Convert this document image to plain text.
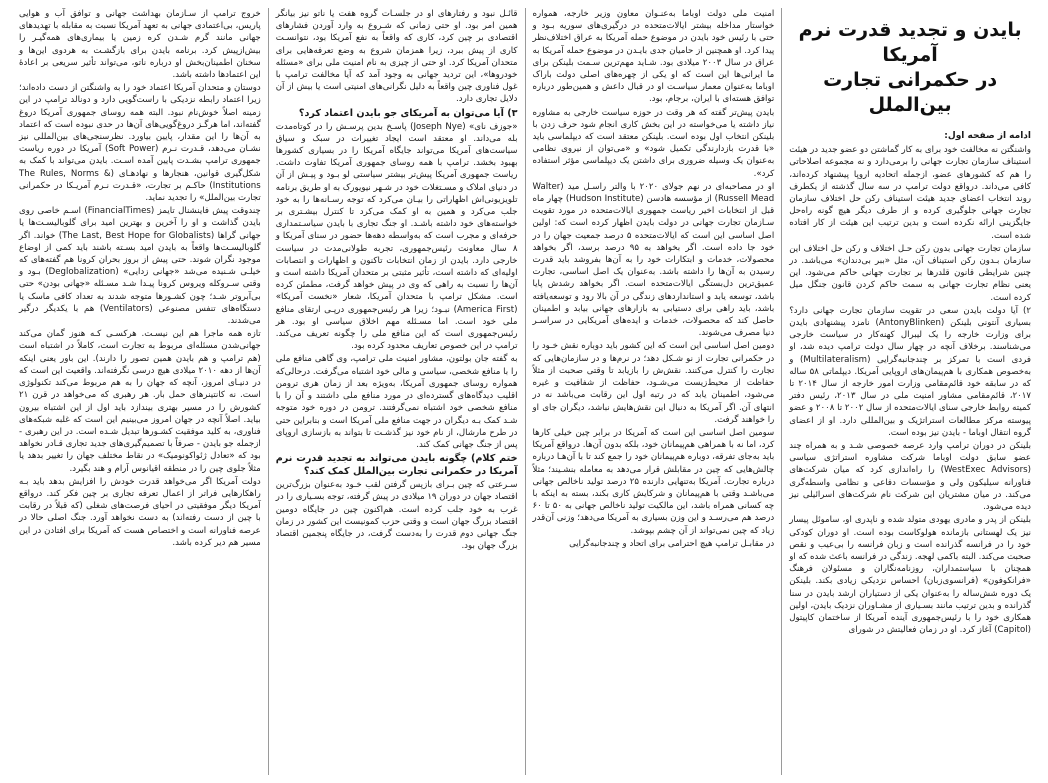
بایدن و تجدید قدرت نرم آمریکا
در حکمرانی تجارت بین‌الملل
ادامه از صفحه اول:

واشنگتن نه مخالفت خود برای به کار گماشتن دو عضو جدید در هیئت استیناف سازمان تجارت جهانی را برمی‌دارد و نه مجموعه اصلاحاتی را هم که کشورهای عضو، ازجمله اتحادیه اروپا پیشنهاد کرده‌اند، کافی می‌داند. درواقع دولت ترامپ در سه سال گذشته از یکطرف روند انتخاب اعضای جدید هیئت استیناف رکن حل اختلاف سازمان تجارت جهانی جلوگیری کرده و از طرف دیگر هیچ گونه راه‌حل جایگزینی ارائه نکرده است و بدین ترتیب این هیئت از کار افتاده شده است.

سازمان تجارت جهانی بدون رکن حـل اختلاف و رکن حل اختلاف این سازمان بـدون رکن استیناف آن، مثل «ببر بی‌دندان» می‌باشد. در چنین شرایطی قانون قلدرها بر تجارت جهانی حاکم می‌شود. این یعنی نظام تجارت جهانی به سمت حاکم کردن قانون جنگل میل کرده است.

۲) آیا دولت بایدن سعی در تقویت سازمان تجارت جهانی دارد؟ بسیاری آنتونی بلینکن (AntonyBlinken) نامزد پیشنهادی بایدن برای وزارت خارجه را یک لیبرال کهنه‌کار در سیاست خارجی می‌شناسند. برخلاف آنچه در چهار سال دولت ترامپ دیده شد، او فردی است با تمرکز بر چندجانبه‌گرایی (Multilateralism) و به‌خصوص همکاری با هم‌پیمان‌های اروپایی آمریکا. دیپلماتی ۵۸ ساله که در سابقه خود قائم‌مقامی وزارت امور خارجه از سال ۲۰۱۴ تا ۲۰۱۷، قائم‌مقامی مشاور امنیت ملی در سال ۲۰۱۳، رئیس دفتر کمیته روابط خارجی سنای ایالات‌متحده از سال ۲۰۰۲ تا ۲۰۰۸ و عضو پیوسته مرکز مطالعات استراتژیک و بین‌المللی دارد. او از اعضای گروه انتقال اوباما - بایدن نیز بوده است.

بلینکن در دوران ترامپ وارد عرصه خصوصی شـد و به همراه چند عضو سابق دولت اوباما شرکت مشاوره استراتژی سیاسی (WestExec Advisors) را راه‌اندازی کرد که میان شرکت‌های فناورانه سیلیکون ولی و مؤسسات دفاعی و نظامی واسطه‌گری می‌کند. در میان مشتریان این شرکت نام شرکت‌های اسرائیلی نیز دیده می‌شود.

بلینکن از پدر و مادری یهودی متولد شده و ناپدری او، ساموئل پیسار نیز یک لهستانی بازمانده هولوکاست بوده است. او دوران کودکی خود را در فرانسه گذرانده است و زبان فرانسه را بی‌عیب و نقص صحبت می‌کند. البته باکمی لهجه. زندگی در فرانسه باعث شده که او همچنان با سیاستمداران، روزنامه‌نگاران و مسئولان فرهنگ «فرانکوفون» (فرانسوی‌زبان) احساس نزدیکی زیادی بکند. بلینکن یک دوره شش‌ساله را به‌عنوان یکی از دستیاران ارشد بایدن در سنا گذرانده و بدین ترتیب مانند بسـیاری از مشـاوران نزدیک بایدن، اولین همکاری خود را با رئیس‌جمهوری آینده آمریکا از ساختمان کاپیتول (Capitol) آغاز کرد. او در زمان فعالیتش در شورای

امنیت ملی دولت اوباما به‌عنـوان معاون وزیر خارجه، همواره خواستار مداخله بیشتر ایالات‌متحده در درگیری‌های سوریه بـود و حتی با رئیس خود بایدن در موضوع حمله آمریکا به عراق اختلاف‌نظر پیدا کرد. او همچنین از حامیان جدی بایـدن در موضوع حمله آمریکا به عراق در سال ۲۰۰۳ میلادی بود. شـاید مهم‌ترین سـمت بلینکن برای ما ایرانی‌ها این است که او یکی از چهره‌های اصلی دولت باراک اوباما به‌عنوان معمار سیاسـت او در قبال داعش و همین‌طور درباره توافق هسته‌ای با ایران، برجام، بود.

بایدن پیش‌تر گفته که هر وقت در حوزه سیاست خارجی به مشاوره نیاز داشته یا می‌خواسته در این بخش کاری انجام شود حرف زدن با بلینکن انتخاب اول بوده است. بلینکن معتقد است که دیپلماسی باید «با قدرت بازدارندگی تکمیل شود» و «می‌توان از نیروی نظامی به‌عنوان یک وسیله ضروری برای داشتن یک دیپلماسی مؤثر استفاده کرد».

او در مصاحبه‌ای در نهم جولای ۲۰۲۰ با والتر راسـل مید (Walter Russell Mead) از مؤسسه هادسن (Hudson Institute) چهار ماه قبل از انتخابات اخیر ریاست جمهوری ایالات‌متحده در مورد تقویت سـازمان تجارت جهانی در دولت بایدن اظهار کرده است که: اولین اصل اساسی این است که ایالات‌متحده ۵ درصد جمعیت جهان را در خود جا داده است. اگر بخواهد به ۹۵ درصد برسد، اگر بخواهد محصولات، خدمات و ابتکارات خود را به آن‌ها بفروشد باید قدرت رسیدن به آن‌ها را داشته باشد. به‌عنوان یک اصل اساسی، تجارت عمیق‌ترین دل‌بستگی ایالات‌متحده است. اگر بخواهد رشدش پایا باشد، توسعه یابد و استانداردهای زندگی در آن بالا رود و توسعه‌یافته باشد، باید راهی برای دستیابی به بازارهای جهانی بیابد و اطمینان حاصل کند که محصولات، خدمات و ایده‌های آمریکایی در سراسـر دنیا مصرف می‌شوند.

دومین اصل اساسی این است که این کشور باید دوباره نقش خـود را در حکمرانی تجارت از نو شـکل دهد؛ در نرم‌ها و در سازمان‌هایی که تجارت را کنترل می‌کنند. نقش‌ش را بازیابد تا وقتی صحبت از مثلاً حفاظت از محیط‌زیست می‌شـود، حفاظت از شفافیت و غیره می‌شود، اطمینان یابد که در رتبه اول این رقابت می‌باشد نه در انتهای آن. اگر آمریکا به دنبال این نقش‌هایش نباشد، دیگران جای او را خواهند گرفت.

سومین اصل اساسی این است که آمریکا در برابر چین خیلی کارها کرد، اما نه با همراهی هم‌پیمانان خود، بلکه بدون آن‌ها. درواقع آمریکا باید به‌جای تفرقه، دوباره هم‌پیمانان خود را جمع کند تا با آن‌هـا درباره چالش‌هایی که چین در مقابلش قرار می‌دهد به معامله بنشـیند؛ مثلاً درباره تجارت. آمریکا به‌تنهایی دارنده ۲۵ درصد تولید ناخالص جهانی می‌باشـد وقتی با هم‌پیمانان و شرکایش کاری بکند، بسته به اینکه با چه کسانی همراه باشد، این مالکیت تولید ناخالص جهانی به ۵۰ تا ۶۰ درصد هم می‌رسـد و این وزن بسیاری به آمریکا می‌دهد؛ وزنی آن‌قدر زیاد که چین نمی‌تواند از آن چشم بپوشد.

در مقابـل ترامپ هیچ احترامی برای اتحاد و چندجانبه‌گرایی

قائـل نبود و رفتارهای او در جلسـات گروه هفت یا ناتو نیز بیانگر همین امر بود. او حتی زمانی که شـروع به وارد آوردن فشارهای اقتصادی بر چین کرد، کاری که واقعاً به نفع آمریکا بود، نتوانسـت کاری از پیش ببرد، زیرا همزمان شروع به وضع تعرفه‌هایی برای متحدان آمریکا کرد. او حتی از چیزی به نام امنیت ملی برای «مسئله خودرو‌ها»، این تردید جهانی به وجود آمد که آیا مخالفت ترامپ با غول فناوری چین واقعاً به دلیل نگرانی‌های امنیتی است یا بیش از آن دلایل تجاری دارد.

۳) آیا می‌توان به آمریکای جو بایدن اعتماد کرد؟

«جوزف نای» (Joseph Nye) پاسـخ بدین پرسـش را در کوتاه‌مدت بله می‌داند. او معتقد است ایجاد تغییرات در سبک و سیاق سیاست‌های آمریکا می‌تواند جایگاه آمریکا را در بسیاری کشورها بهبود بخشد. ترامپ با همه روسای جمهوری آمریکا تفاوت داشت. ریاست جمهوری آمریکا پیش‌تر بیشتر سیاستی لو بـود و پیـش از آن در دنیای املاک و مسـتغلات خود در شـهر نیویورک به او طریق برنامه تلویزیونی‌اش اظهاراتی را بیـان می‌کرد که توجه رسـانه‌ها را به خود جلب می‌کرد و همین به او کمک می‌کرد تا کنترل بیشـتری بر خواسته‌های خود داشته باشـد. او جنگ تجاری با بایدن سیاسـتمداری حرفه‌ای و مجرب است که به‌واسطه دهه‌ها حضور در سنای آمریکا و ۸ سال معاونت رئیس‌جمهوری، تجربه طولانی‌مدت در سیاست خارجی دارد. بایدن از زمان انتخابات تاکنون و اظهارات و انتصابات اولیه‌ای که داشته است، تأثیر مثبتی بر متحدان آمریکا داشته است و آن‌ها را نسبت به راهی که وی در پیش خواهد گرفت، مطمئن کرده است. مشکل ترامپ با متحدان آمریکا، شعار «نخست آمریکا» (America First) نبـود؛ زیرا هر رئیس‌جمهوری درپـی ارتقای منافع ملی خود است. اما مسـئله مهم اخلاق سیاسی او بود. هر رئیس‌جمهوری است که این منافع ملی را چگونه تعریف می‌کند. ترامپ در این خصوص تعاریف محدود کرده بود.

به گفته جان بولتون، مشاور امنیت ملی ترامپ، وی گاهی منافع ملی را با منافع شخصی، سیاسی و مالی خود اشتباه می‌گرفت. درحالی‌که همواره روسای جمهوری آمریکا، به‌ویژه بعد از زمان هری ترومن اقلیب دیدگاه‌های گسترده‌ای در مورد منافع ملی داشتند و آن را با منافع شخصی خود اشتباه نمی‌گرفتند. ترومن در دوره خود متوجه شـد کمک بـه دیگران در جهت منافع ملی آمریکا است و بنابراین حتی در طرح مارشال، از نام خود نیز گذشـت تا بتواند به بازسازی اروپای پس از جنگ جهانی کمک کند.

ختم کلام) چگونه بایدن می‌تواند به تجدید قدرت نرم آمریکا در حکمرانی تجارت بین‌الملل کمک کند؟

سـرعتی که چین بـرای بازپس گرفتن لقب خـود به‌عنوان بزرگ‌ترین اقتصاد جهان در دوران ۱۹ میلادی در پیش گرفته، توجه بسـیاری را در غرب به خود جلب کرده است. هم‌اکنون چین در جایگاه دومین اقتصاد بزرگ جهان است و وقتی حزب کمونیست این کشور در زمان جنگ جهانی دوم قدرت را به‌دست گرفت، در جایگاه پنجمین اقتصاد بزرگ جهان بود.

خروج ترامپ از سـازمان بهداشت جهانی و توافق آب و هوایی پاریس، بی‌اعتمادی جهانی به تعهد آمریکا نسبت به مقابله با تهدیدهای جهانی مانند گرم شـدن کره زمین یا بیماری‌های همه‌گیـر را بیش‌ازپیش کرد. برنامه بایدن برای بازگشـت به هردوی این‌ها و سخنان اطمینان‌بخش او درباره ناتو، می‌تواند تأثیر سریعی بر اعادهٔ این اعتمادها داشته باشد.

دوستان و متحدان آمریکا اعتماد خود را به واشنگتن از دست داده‌اند؛ زیرا اعتماد رابطه نزدیکی با راست‌گویی دارد و دونالد ترامپ در این زمینه اصلاً خوش‌نام نبود. البته همه روسای جمهوری آمریکا دروغ گفته‌اند، اما هرگـز دروغ‌گویی‌های آن‌ها در حدی نبوده است که اعتماد به آن‌ها را این مقدار، پایین بیاورد. نظرسنجی‌های بین‌المللی نیز نشـان می‌دهد، قـدرت نـرم (Soft Power) آمریکا در دوره ریاست جمهوری ترامپ بشـدت پایین آمده اسـت. بایدن می‌تواند با کمک به شکل‌گیری قوانین، هنجارها و نهادهـای (The Rules, Norms & Institutions) حاکـم بر تجارت، «قـدرت نـرم آمریـکا در حکمرانی تجارت بین‌الملل» را تجدید نماید.

چندوقت پیش فاینشنال تایمز (FinancialTimes) اسـم خاصی روی بایدن گذاشت و او را آخرین و بهترین امید برای گلوبالیسـت‌ها یا جهانی گراها (The Last, Best Hope for Globalists) خواند. اگر گلوبالیسـت‌ها واقعاً به بایدن امید بسـته باشند باید کمی از اوضاع موجود نگران شوند. حتی پیش از بروز بحران کرونا هم گفته‌های که خیلـی شـنیده می‌شد «جهانی زدایی» (Deglobalization) بـود و وقتی سـرو‌کله ویروس کرونا پیـدا شـد مسـئله «جهانی بودن» حتی بی‌آبروتر شـد؛ چون کشـورها متوجه شدند به تعداد کافی ماسک یا دستگاه‌های تنفس مصنوعی (Ventilators) هم با یکدیگر درگیر می‌شدند.

تازه همه ماجرا هم این نیسـت. هرکسـی کـه هنوز گمان می‌کند جهانی‌شدن مسئله‌ای مربوط به تجارت است، کاملاً در اشتباه است (هم ترامپ و هم بایدن همین تصور را دارند). این باور یعنی اینکه آن‌ها از دهه ۲۰۱۰ میلادی هیچ درسی نگرفته‌اند. واقعیت این است که در دنیـای امروز، آنچه که جهان را به هم مربوط می‌کند تکنولوژی است. نه کانتینرهای حمل بار. هر رهبری که می‌خواهد در قرن ۲۱ کشورش را در مسیر بهتری بیندازد باید اول از این اشتباه بیرون بیاید. اصلاً آنچه در جهان امروز می‌بینیم این است که غلبه شبکه‌های فناوری، به کلید موفقیت کشـورها تبدیل شـده است. در این رهبری - ازجمله جو بایدن - صرفاً با تصمیم‌گیری‌های جدید تجاری قـادر نخواهد بود که «تعادل ژئواکونومیک» در نقاط مختلف جهان را تغییر بدهد یا مثلاً جلوی چین را در منطقه اقیانوس آرام و هند بگیرد.

دولت آمریکا اگر می‌خواهد قدرت خودش را افزایش بدهد باید بـه راهکارهایی فراتر از اعمال تعرفه تجاری بر چین فکر کند. درواقع آمریکا دیگر موفقیتی در احیای فرصت‌های شغلی (که قبلاً در رقابت با چین از دست رفته‌اند) به دست نخواهد آورد. جنگ اصلی حالا در عرصه فناورانه است و اختصاص هست که آمریکا برای افتادن در این مسیر هم دیر کرده باشد.
